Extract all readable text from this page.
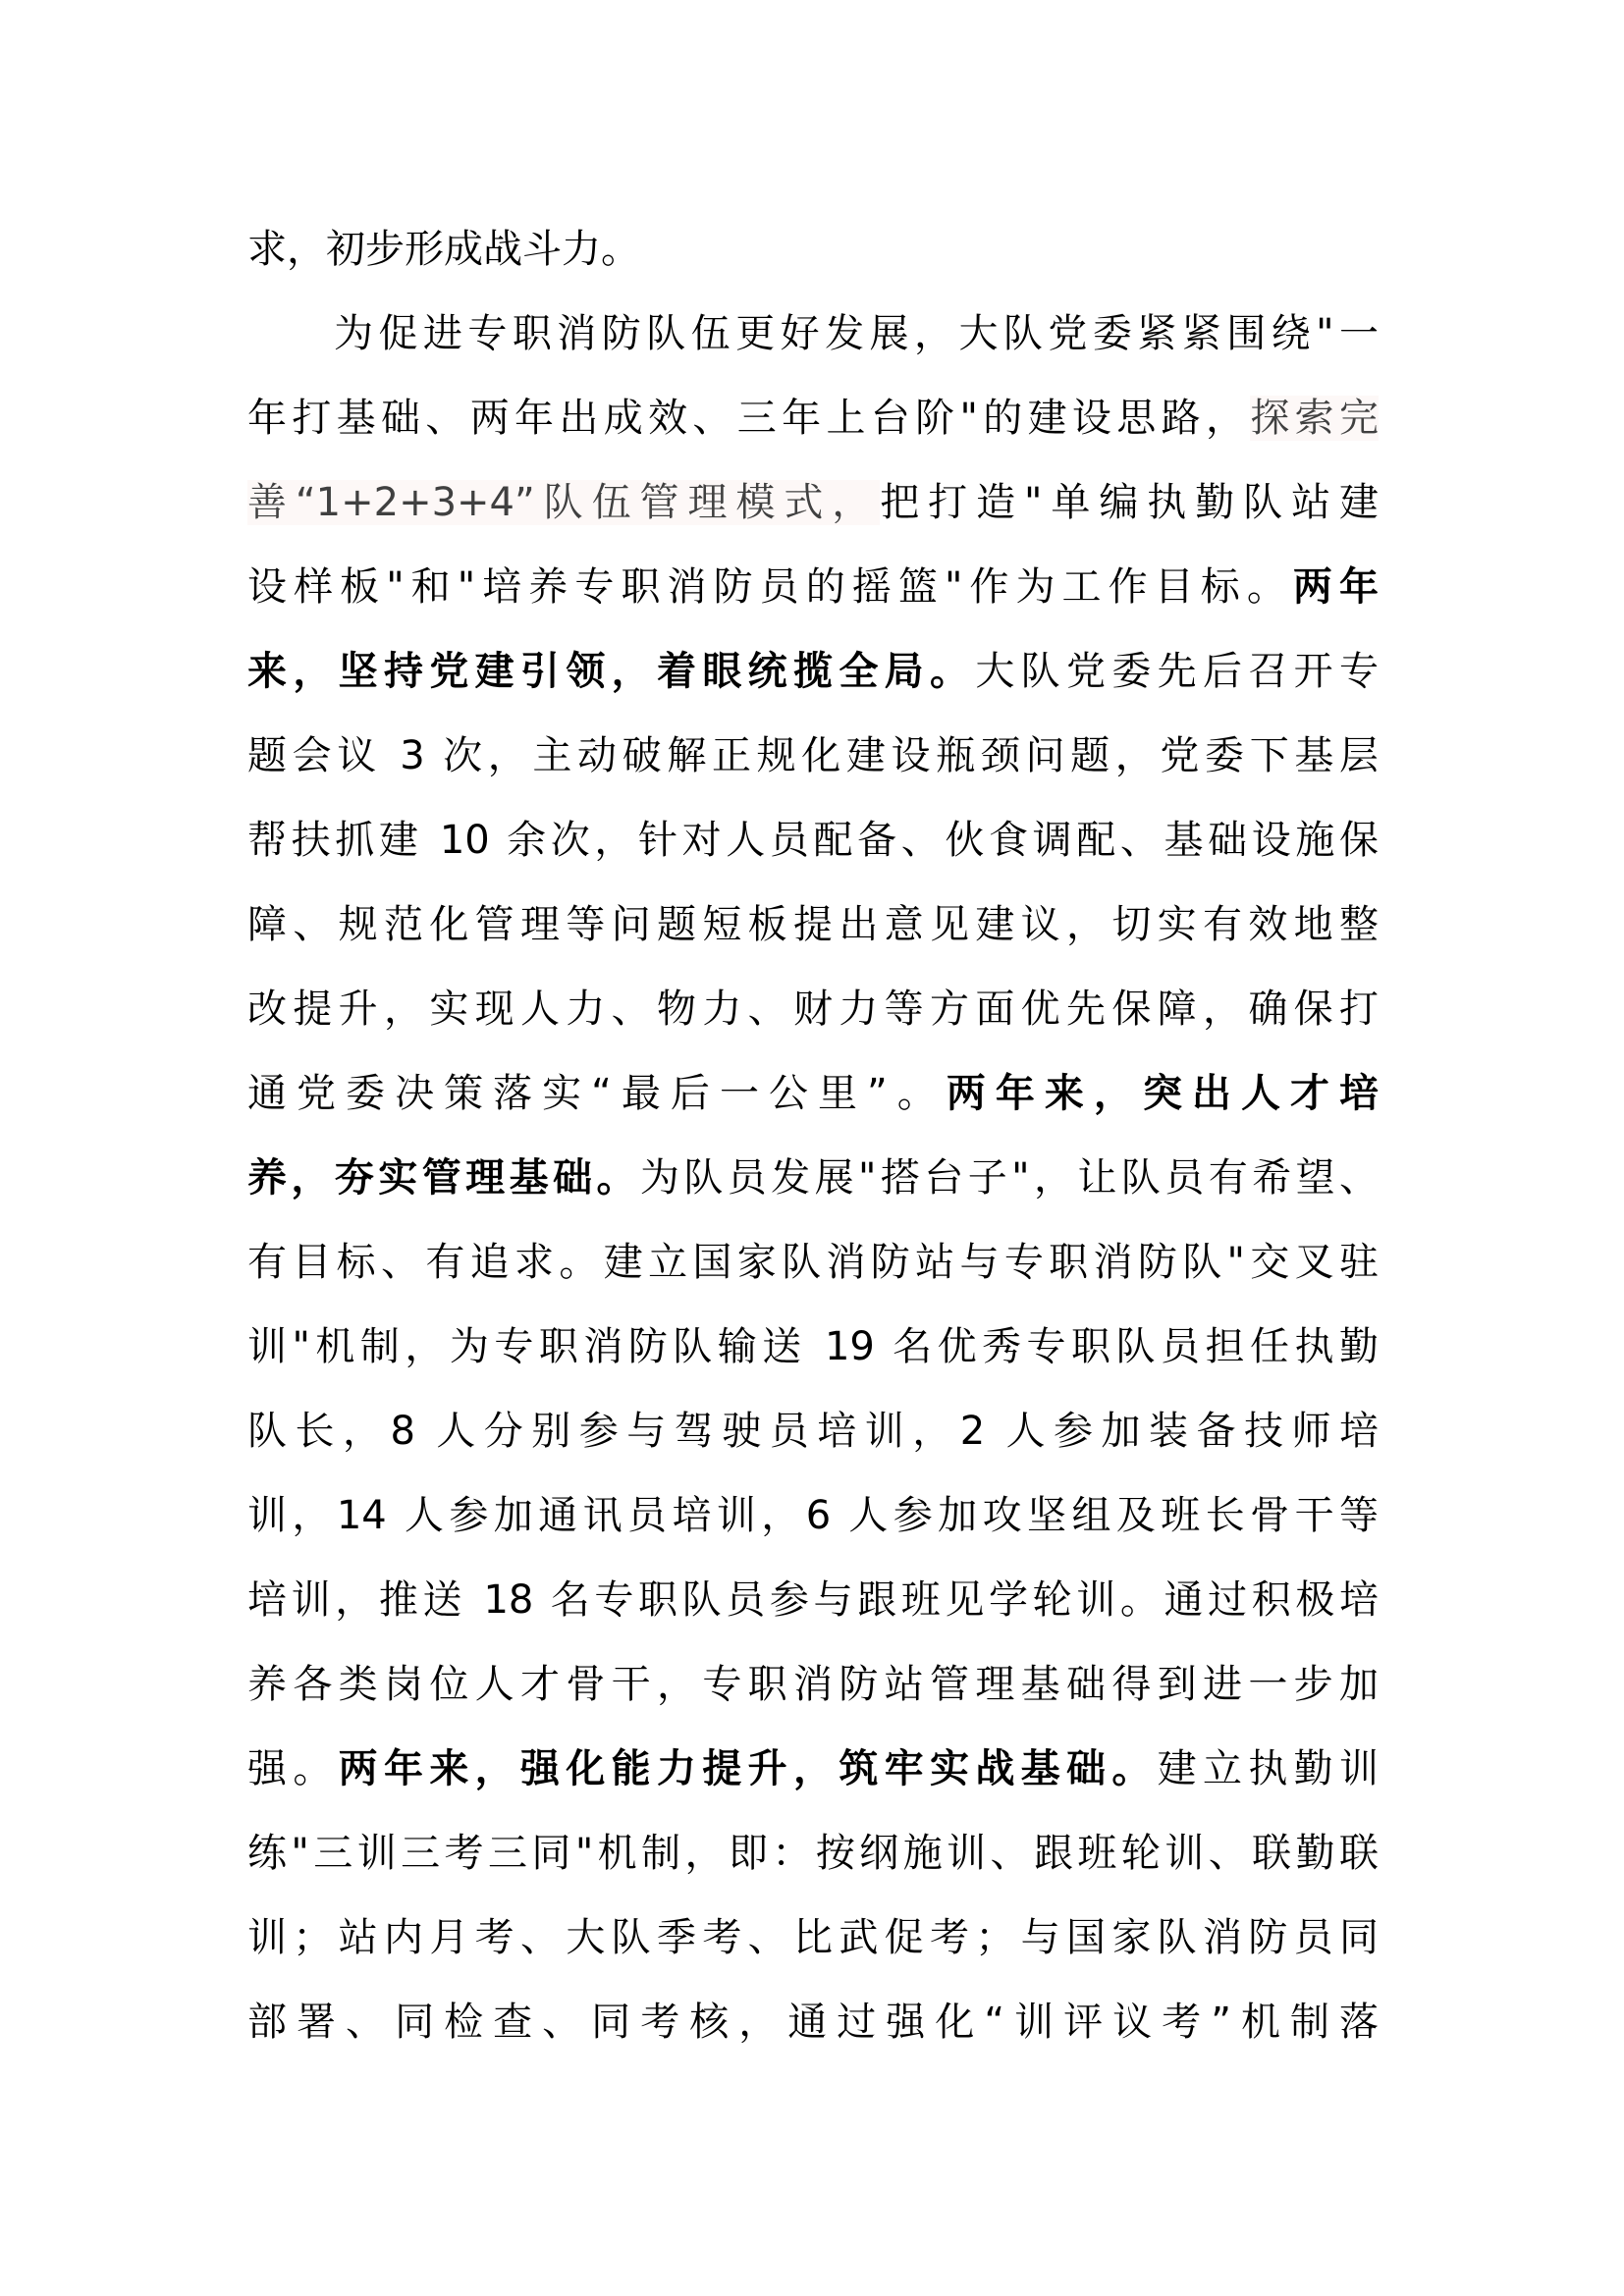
求，初步形成战斗力。
为促进专职消防队伍更好发展，大队党委紧紧围绕"一
年打基础、两年出成效、三年上台阶"的建设思路，探索完
善“1+2+3+4”队伍管理模式，把打造"单编执勤队站建
设样板"和"培养专职消防员的摇篮"作为工作目标。两年
来，坚持党建引领，着眼统揽全局。大队党委先后召开专
题会议 3 次，主动破解正规化建设瓶颈问题，党委下基层
帮扶抓建 10 余次，针对人员配备、伙食调配、基础设施保
障、规范化管理等问题短板提出意见建议，切实有效地整
改提升，实现人力、物力、财力等方面优先保障，确保打
通党委决策落实“最后一公里”。两年来，突出人才培
养，夯实管理基础。为队员发展"搭台子"，让队员有希望、
有目标、有追求。建立国家队消防站与专职消防队"交叉驻
训"机制，为专职消防队输送 19 名优秀专职队员担任执勤
队长，8 人分别参与驾驶员培训，2 人参加装备技师培
训，14 人参加通讯员培训，6 人参加攻坚组及班长骨干等
培训，推送 18 名专职队员参与跟班见学轮训。通过积极培
养各类岗位人才骨干，专职消防站管理基础得到进一步加
强。两年来，强化能力提升，筑牢实战基础。建立执勤训
练"三训三考三同"机制，即：按纲施训、跟班轮训、联勤联
训；站内月考、大队季考、比武促考；与国家队消防员同
部署、同检查、同考核，通过强化“训评议考”机制落
